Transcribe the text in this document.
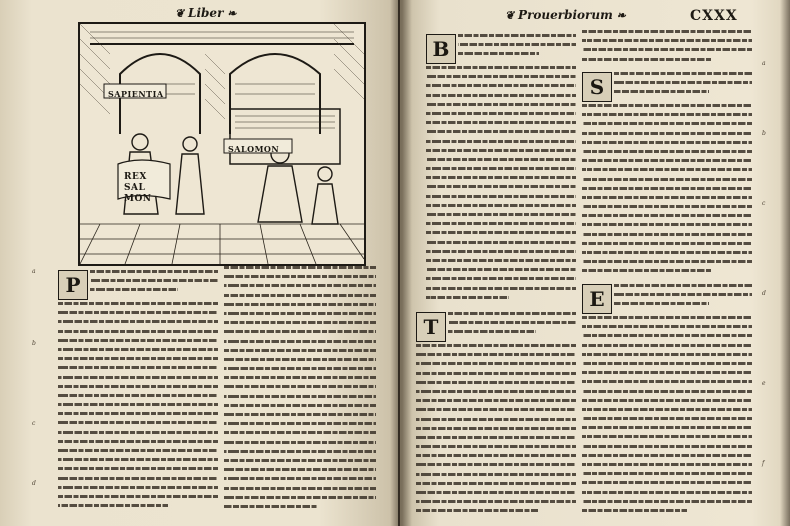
❦ Liber ❧
SAPIENTIA
SALOMON
REX SAL
MON
P
a
b
c
d
❦ Prouerbiorum ❧	CXXX
B
T
S
E
a
b
c
d
e
f
